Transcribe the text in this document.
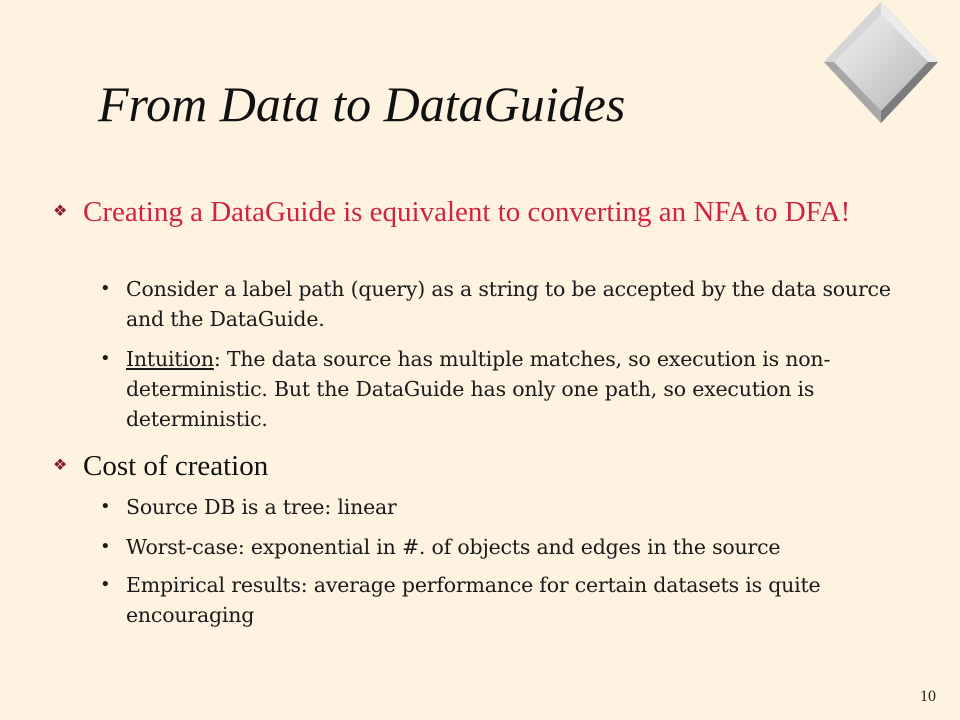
From Data to DataGuides

❖ Creating a DataGuide is equivalent to converting an NFA to DFA!

• Consider a label path (query) as a string to be accepted by the data source and the DataGuide.

• Intuition: The data source has multiple matches, so execution is non-deterministic. But the DataGuide has only one path, so execution is deterministic.

❖ Cost of creation

• Source DB is a tree: linear

• Worst-case: exponential in #. of objects and edges in the source

• Empirical results: average performance for certain datasets is quite encouraging

10
